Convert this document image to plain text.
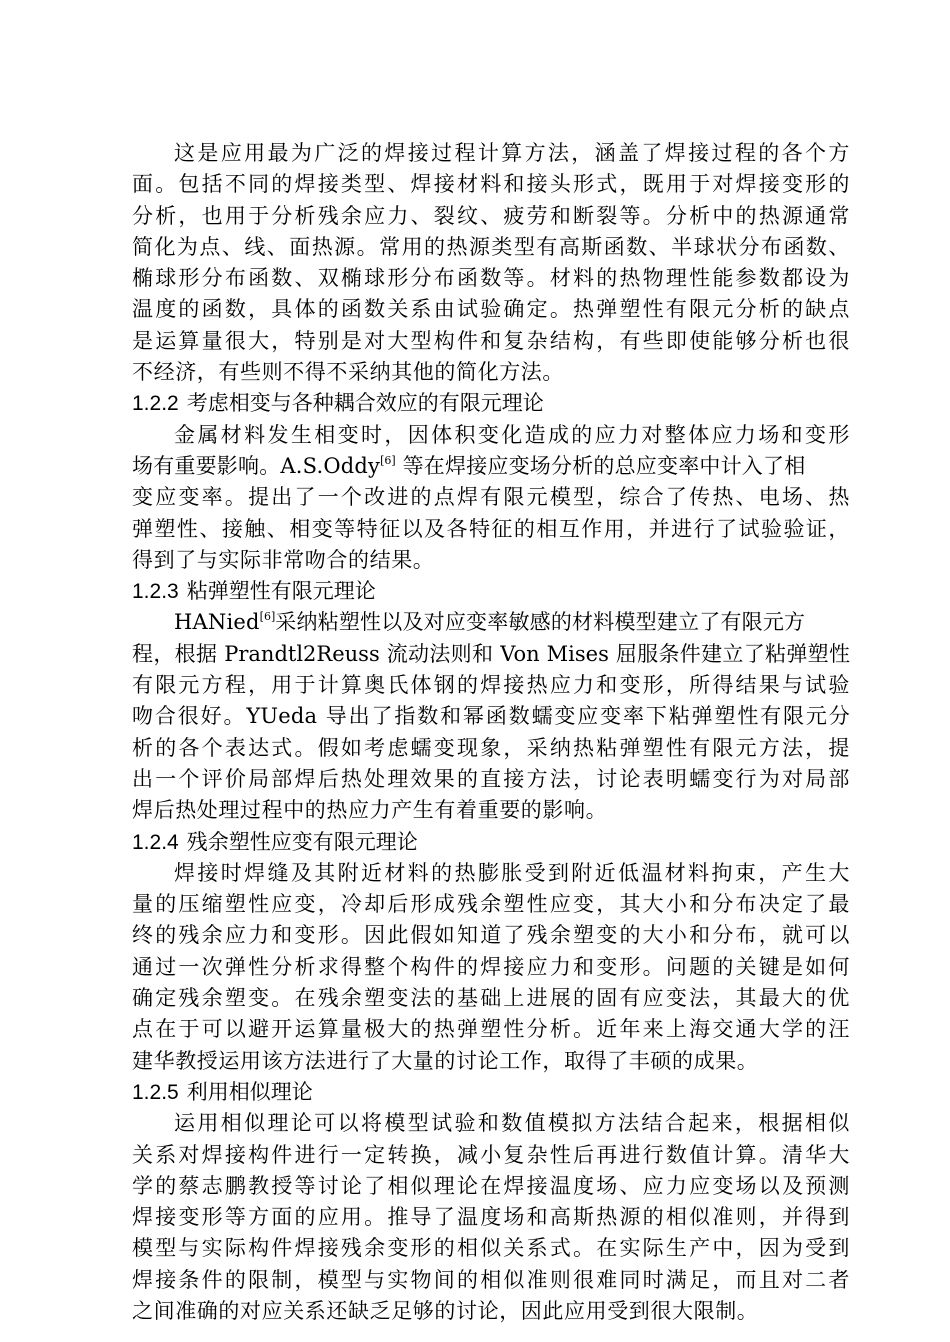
这是应用最为广泛的焊接过程计算方法，涵盖了焊接过程的各个方
面。包括不同的焊接类型、焊接材料和接头形式，既用于对焊接变形的
分析，也用于分析残余应力、裂纹、疲劳和断裂等。分析中的热源通常
简化为点、线、面热源。常用的热源类型有高斯函数、半球状分布函数、
椭球形分布函数、双椭球形分布函数等。材料的热物理性能参数都设为
温度的函数，具体的函数关系由试验确定。热弹塑性有限元分析的缺点
是运算量很大，特别是对大型构件和复杂结构，有些即使能够分析也很
不经济，有些则不得不采纳其他的简化方法。
1.2.2 考虑相变与各种耦合效应的有限元理论
金属材料发生相变时，因体积变化造成的应力对整体应力场和变形
场有重要影响。A.S.Oddy[6] 等在焊接应变场分析的总应变率中计入了相
变应变率。提出了一个改进的点焊有限元模型，综合了传热、电场、热
弹塑性、接触、相变等特征以及各特征的相互作用，并进行了试验验证，
得到了与实际非常吻合的结果。
1.2.3 粘弹塑性有限元理论
HANied[6]采纳粘塑性以及对应变率敏感的材料模型建立了有限元方
程，根据 Prandtl2Reuss 流动法则和 Von Mises 屈服条件建立了粘弹塑性
有限元方程，用于计算奥氏体钢的焊接热应力和变形，所得结果与试验
吻合很好。YUeda 导出了指数和幂函数蠕变应变率下粘弹塑性有限元分
析的各个表达式。假如考虑蠕变现象，采纳热粘弹塑性有限元方法，提
出一个评价局部焊后热处理效果的直接方法，讨论表明蠕变行为对局部
焊后热处理过程中的热应力产生有着重要的影响。
1.2.4 残余塑性应变有限元理论
焊接时焊缝及其附近材料的热膨胀受到附近低温材料拘束，产生大
量的压缩塑性应变，冷却后形成残余塑性应变，其大小和分布决定了最
终的残余应力和变形。因此假如知道了残余塑变的大小和分布，就可以
通过一次弹性分析求得整个构件的焊接应力和变形。问题的关键是如何
确定残余塑变。在残余塑变法的基础上进展的固有应变法，其最大的优
点在于可以避开运算量极大的热弹塑性分析。近年来上海交通大学的汪
建华教授运用该方法进行了大量的讨论工作，取得了丰硕的成果。
1.2.5 利用相似理论
运用相似理论可以将模型试验和数值模拟方法结合起来，根据相似
关系对焊接构件进行一定转换，减小复杂性后再进行数值计算。清华大
学的蔡志鹏教授等讨论了相似理论在焊接温度场、应力应变场以及预测
焊接变形等方面的应用。推导了温度场和高斯热源的相似准则，并得到
模型与实际构件焊接残余变形的相似关系式。在实际生产中，因为受到
焊接条件的限制，模型与实物间的相似准则很难同时满足，而且对二者
之间准确的对应关系还缺乏足够的讨论，因此应用受到很大限制。
